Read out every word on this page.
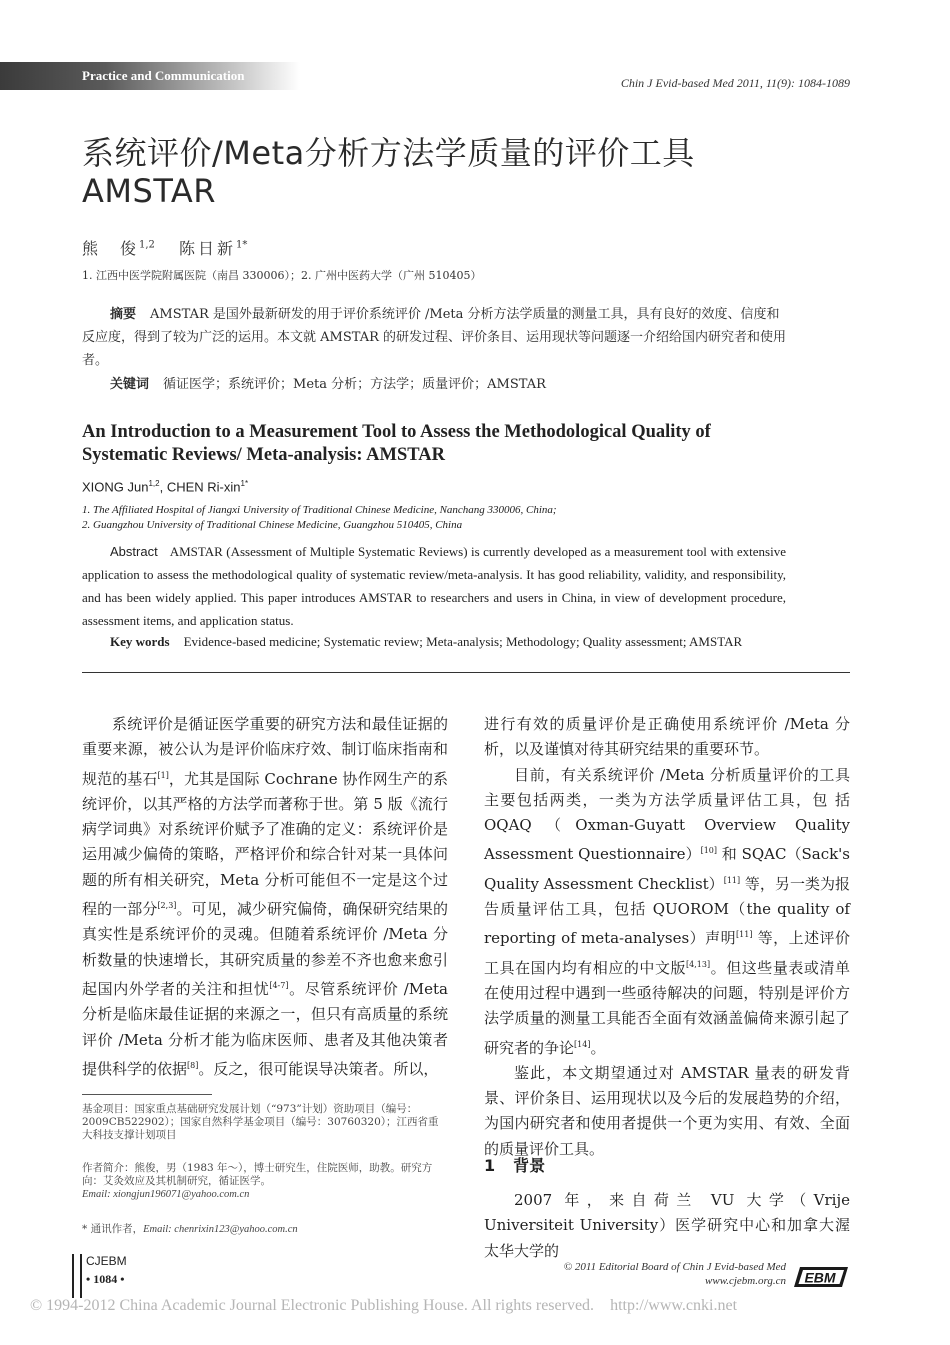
Practice and Communication	Chin J Evid-based Med 2011, 11(9): 1084-1089
系统评价/Meta分析方法学质量的评价工具
AMSTAR
熊　俊$^{1,2}$ 陈日新$^{1*}$
1. 江西中医学院附属医院（南昌 330006）；2. 广州中医药大学（广州 510405）
摘要 AMSTAR 是国外最新研发的用于评价系统评价 /Meta 分析方法学质量的测量工具，具有良好的效度、信度和反应度，得到了较为广泛的运用。本文就 AMSTAR 的研发过程、评价条目、运用现状等问题逐一介绍给国内研究者和使用者。
关键词 循证医学；系统评价；Meta 分析；方法学；质量评价；AMSTAR
An Introduction to a Measurement Tool to Assess the Methodological Quality of
Systematic Reviews/ Meta-analysis: AMSTAR
XIONG Jun$^{1,2}$, CHEN Ri-xin$^{1*}$
1. The Affiliated Hospital of Jiangxi University of Traditional Chinese Medicine, Nanchang 330006, China;
2. Guangzhou University of Traditional Chinese Medicine, Guangzhou 510405, China
Abstract AMSTAR (Assessment of Multiple Systematic Reviews) is currently developed as a measurement tool with extensive application to assess the methodological quality of systematic review/meta-analysis. It has good reliability, validity, and responsibility, and has been widely applied. This paper introduces AMSTAR to researchers and users in China, in view of development procedure, assessment items, and application status.
Key words Evidence-based medicine; Systematic review; Meta-analysis; Methodology; Quality assessment; AMSTAR

系统评价是循证医学重要的研究方法和最佳证据的重要来源，被公认为是评价临床疗效、制订临床指南和规范的基石[1]，尤其是国际 Cochrane 协作网生产的系统评价，以其严格的方法学而著称于世。第 5 版《流行病学词典》对系统评价赋予了准确的定义：系统评价是运用减少偏倚的策略，严格评价和综合针对某一具体问题的所有相关研究，Meta 分析可能但不一定是这个过程的一部分[2,3]。可见，减少研究偏倚，确保研究结果的真实性是系统评价的灵魂。但随着系统评价 /Meta 分析数量的快速增长，其研究质量的参差不齐也愈来愈引起国内外学者的关注和担忧[4-7]。尽管系统评价 /Meta 分析是临床最佳证据的来源之一，但只有高质量的系统评价 /Meta 分析才能为临床医师、患者及其他决策者提供科学的依据[8]。反之，很可能误导决策者。所以，

进行有效的质量评价是正确使用系统评价 /Meta 分析，以及谨慎对待其研究结果的重要环节。

目前，有关系统评价 /Meta 分析质量评价的工具主要包括两类，一类为方法学质量评估工具，包 括 OQAQ（Oxman-Guyatt Overview Quality Assessment Questionnaire）[10] 和 SQAC（Sack's Quality Assessment Checklist）[11] 等，另一类为报告质量评估工具，包括 QUOROM（the quality of reporting of meta-analyses）声明[11] 等，上述评价工具在国内均有相应的中文版[4,13]。但这些量表或清单在使用过程中遇到一些亟待解决的问题，特别是评价方法学质量的测量工具能否全面有效涵盖偏倚来源引起了研究者的争论[14]。

鉴此，本文期望通过对 AMSTAR 量表的研发背景、评价条目、运用现状以及今后的发展趋势的介绍，为国内研究者和使用者提供一个更为实用、有效、全面的质量评价工具。

1 背景

2007 年，来自荷兰 VU 大学（Vrije Universiteit University）医学研究中心和加拿大渥太华大学的

基金项目：国家重点基础研究发展计划（“973”计划）资助项目（编号：2009CB522902）；国家自然科学基金项目（编号：30760320）；江西省重大科技支撑计划项目
作者简介：熊俊，男（1983 年～），博士研究生，住院医师，助教。研究方向：艾灸效应及其机制研究，循证医学。
Email: xiongjun196071@yahoo.com.cn
* 通讯作者，Email: chenrixin123@yahoo.com.cn
CJEBM
• 1084 •
© 2011 Editorial Board of Chin J Evid-based Med
www.cjebm.org.cn EBM
© 1994-2012 China Academic Journal Electronic Publishing House. All rights reserved. http://www.cnki.net
